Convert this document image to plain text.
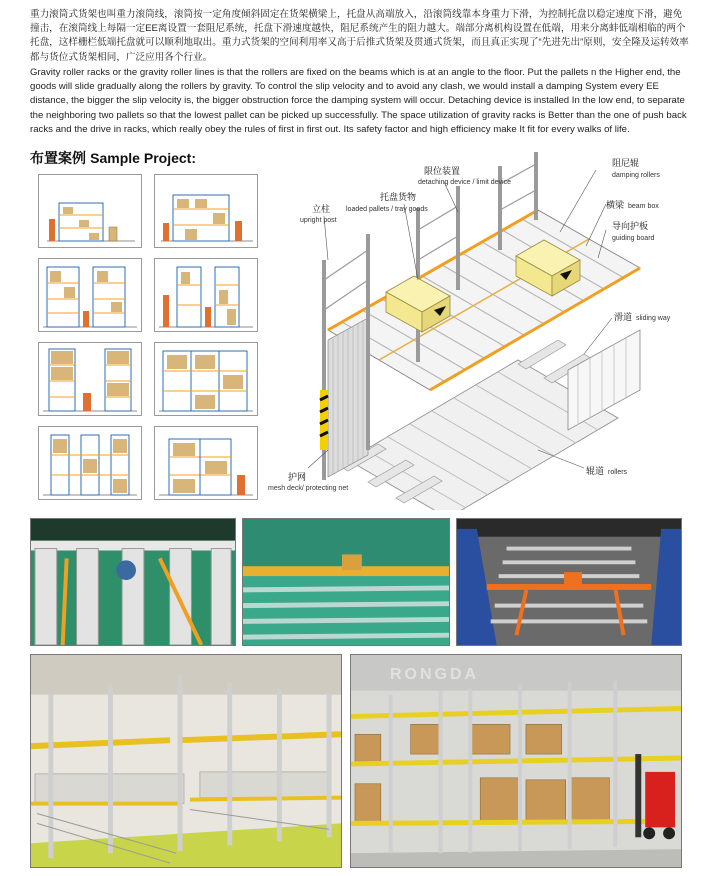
重力滚筒式货架也叫重力滚筒线，滚筒按一定角度倾斜固定在货架横梁上，托盘从高端放入，沿滚筒线靠本身重力下滑，为控制托盘以稳定速度下滑，避免撞击，在滚筒线上每隔一定EE离设置一套阻尼系统，托盘下滑速度越快，阻尼系统产生的阻力越大。端部分离机构设置在低端，用来分离蚌低端相临的两个托盘，这样栅栏低端托盘就可以顺利地取出。重力式货架的空间利用率又高于后推式货架及贯通式货架，而且真正实现了“先进先出”原则，安全隆及运转效率都与货位式货架相同，广泛应用各个行业。
Gravity roller racks or the gravity roller lines is that the rollers are fixed on the beams which is at an angle to the floor. Put the pallets n the Higher end, the goods will slide gradually along the rollers by gravity. To control the slip velocity and to avoid any clash, we would install a damping System every EE distance, the bigger the slip velocity is, the bigger obstruction force the damping system will occur. Detaching device is installed In the low end, to separate the neighboring two pallets so that the lowest pallet can be picked up successfully. The space utilization of gravity racks is Better than the one of push back racks and the drive in racks, which really obey the rules of first in first out. Its safety factor and high efficiency make It fit for every walks of life.
布置案例 Sample Project:	阻尼辊
damping rollers
限位装置
detaching device / limit device
横梁 beam box
导向护板
guiding board
托盘货物
loaded pallets / tray goods
立柱
upright post
滑道 sliding way
护网
mesh deck/ protecting net
辊道 rollers
RONGDA
